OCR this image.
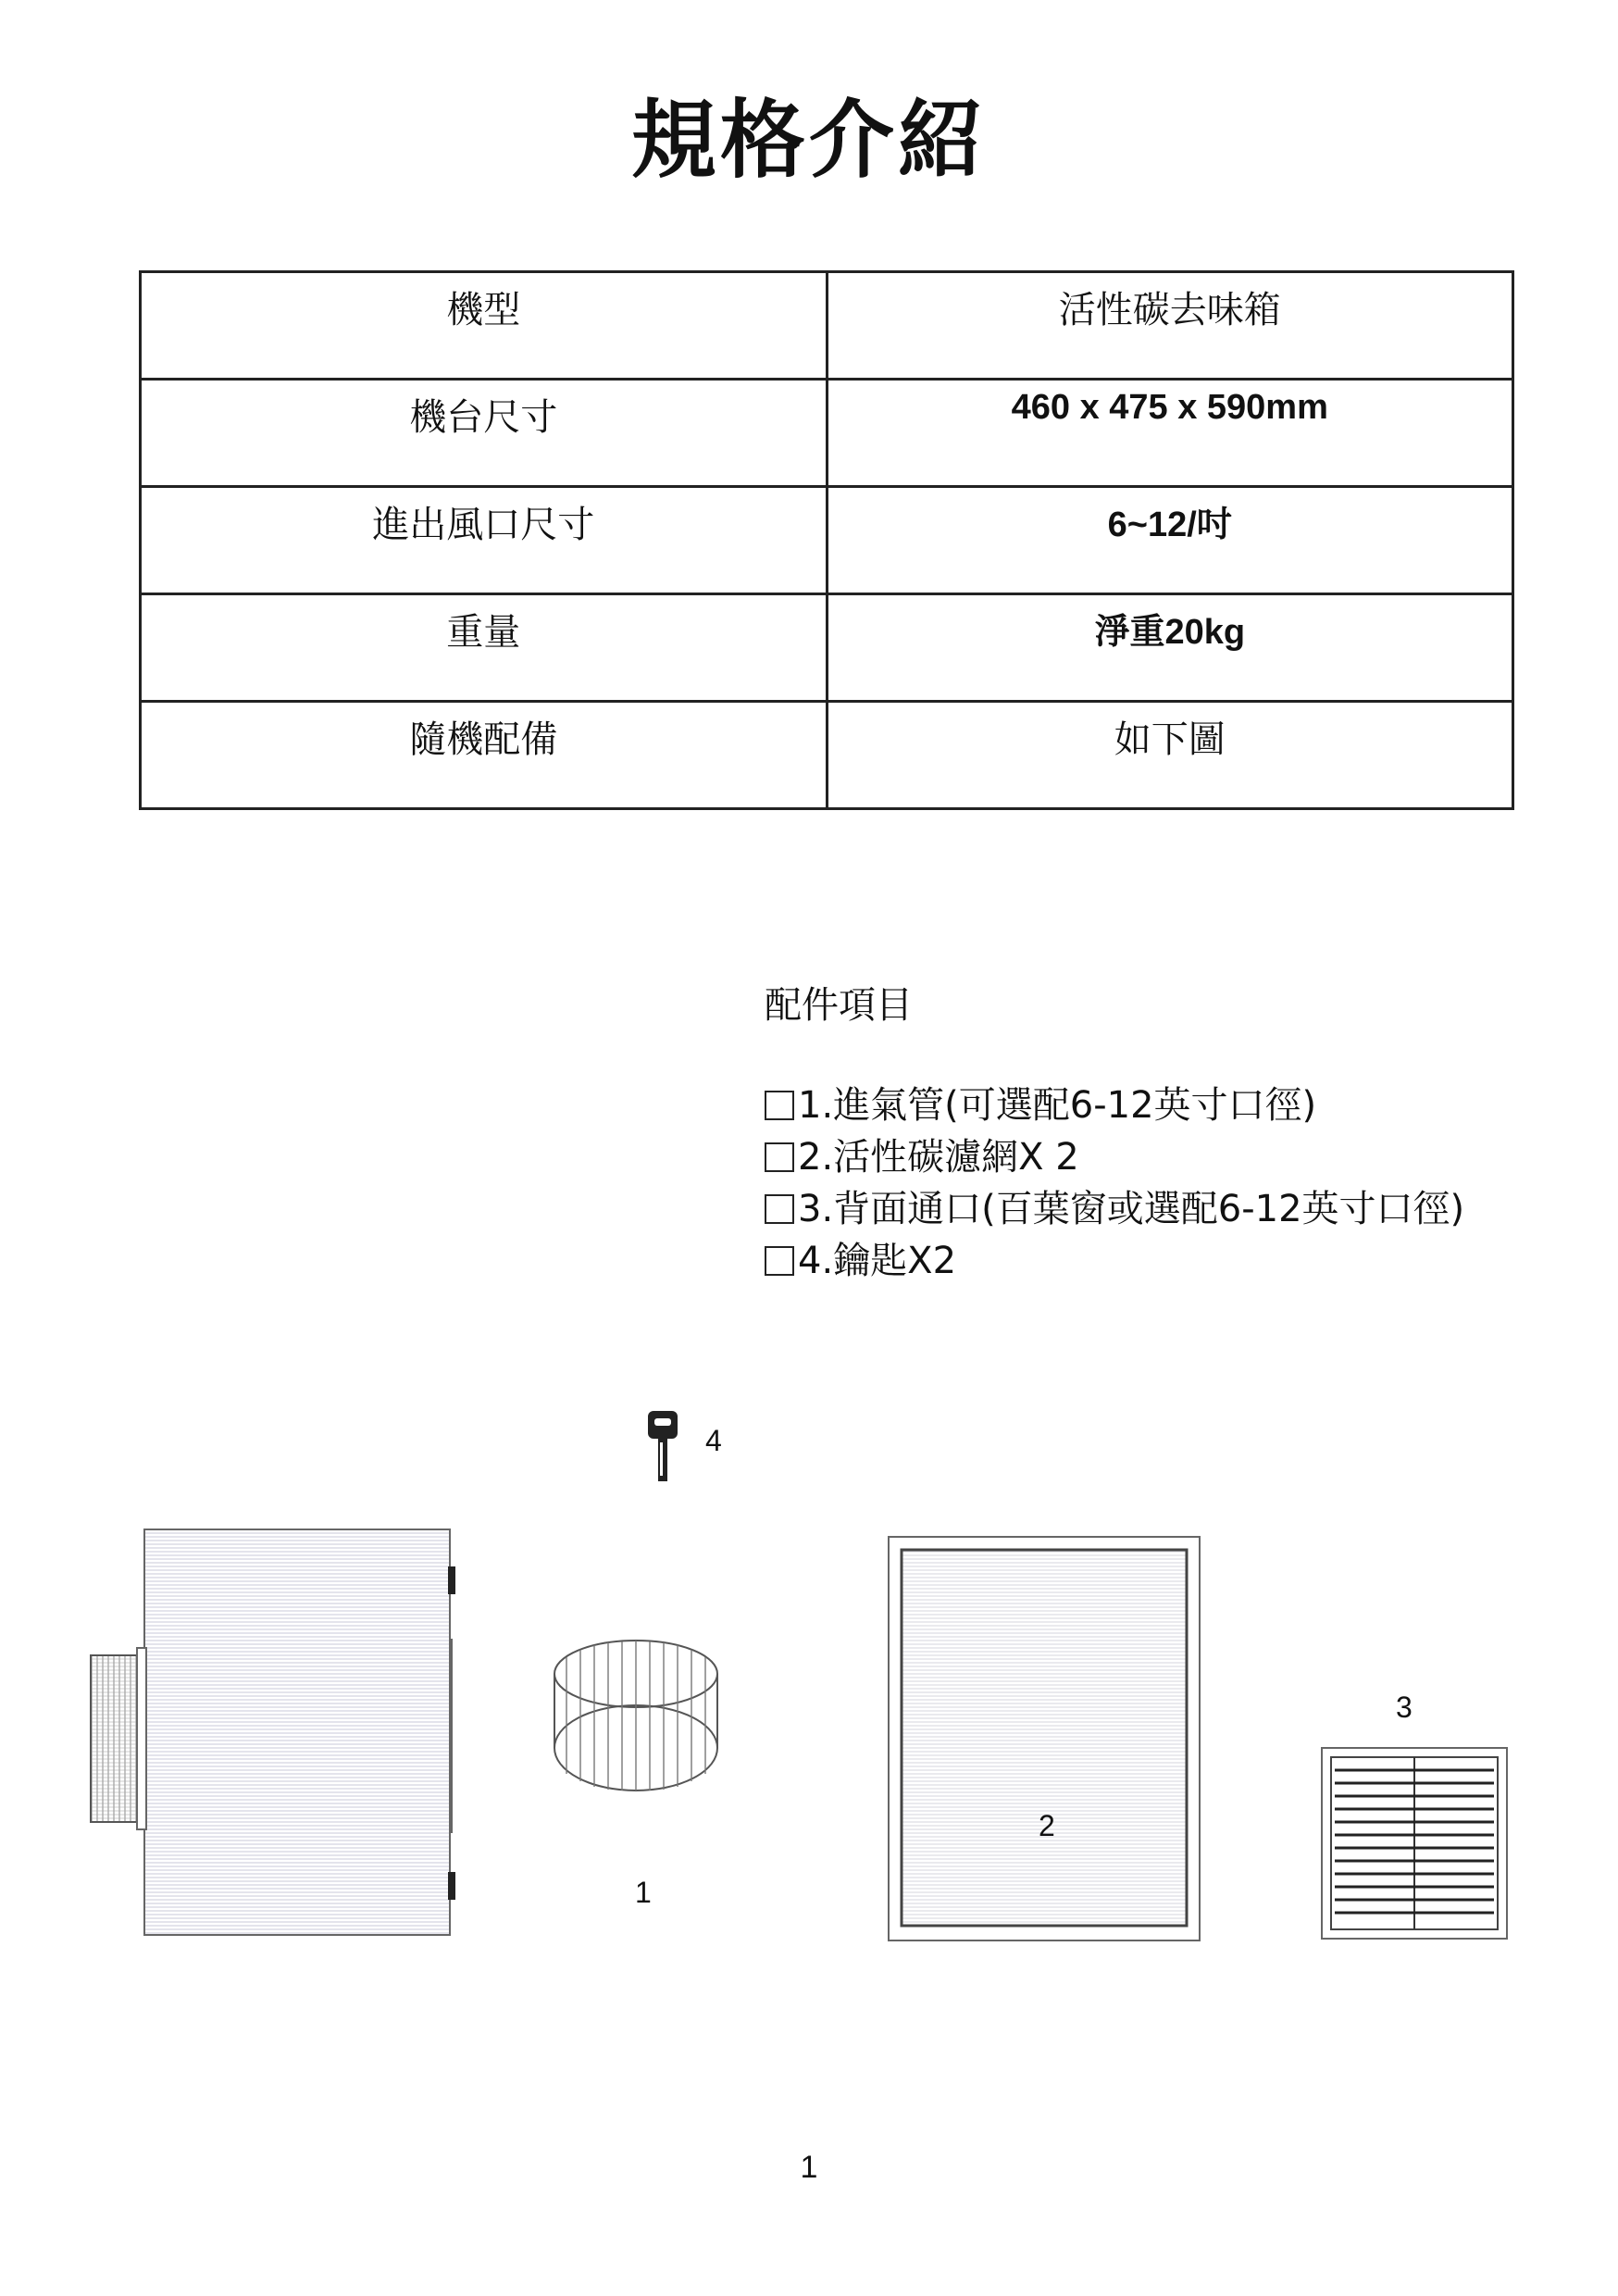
規格介紹
機型	活性碳去味箱
機台尺寸	460 x 475 x 590mm
進出風口尺寸	6~12/吋
重量	淨重20kg
隨機配備	如下圖
配件項目
1.進氣管(可選配6-12英寸口徑)
2.活性碳濾網X 2
3.背面通口(百葉窗或選配6-12英寸口徑)
4.鑰匙X2
4
1
2
3
1
